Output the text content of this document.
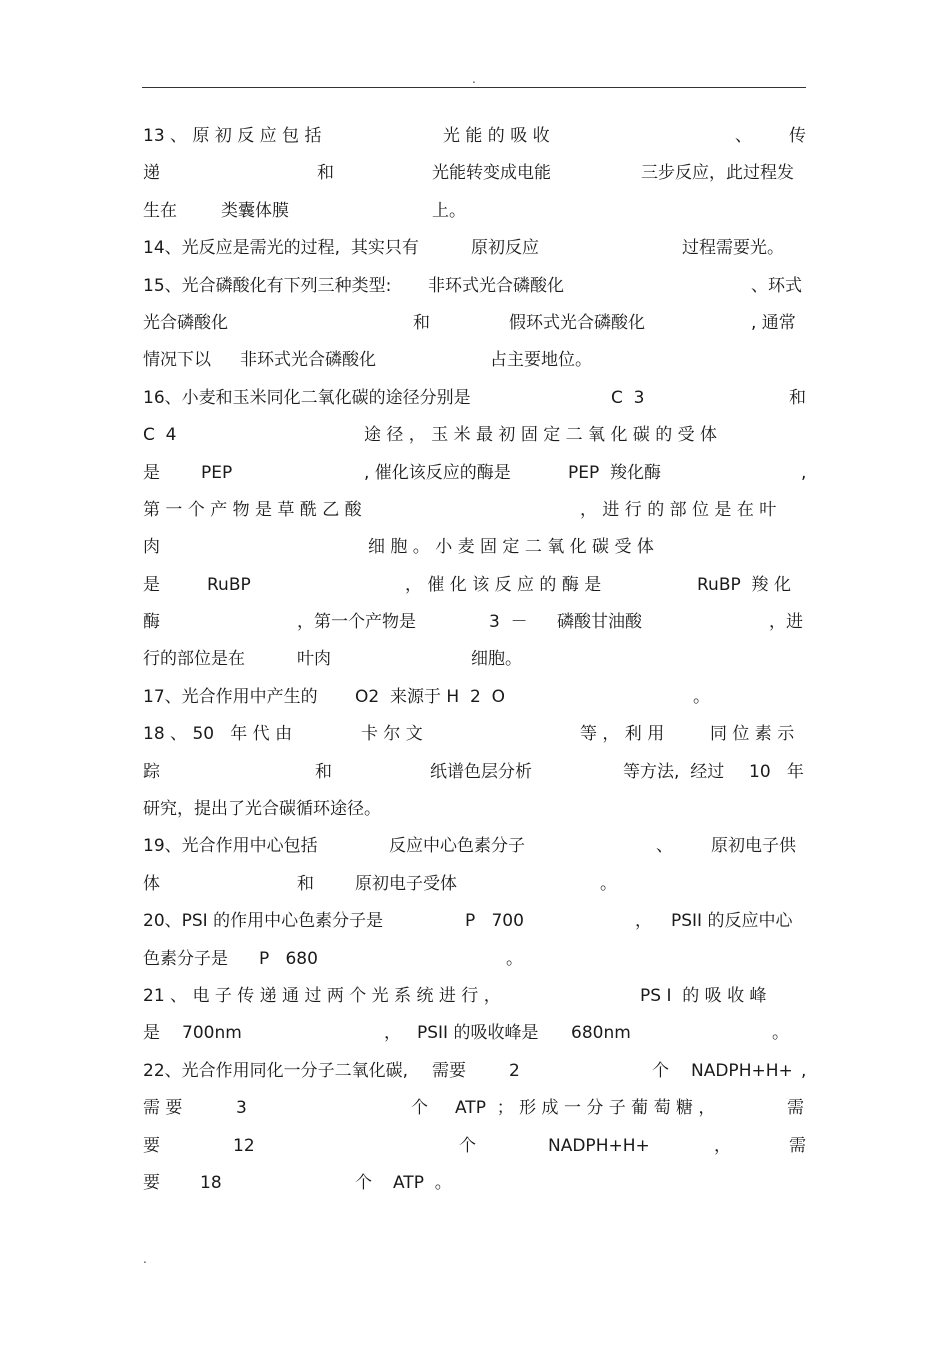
.
13 、 原 初 反 应 包 括	光 能 的 吸 收	、 传
递	和	光能转变成电能	三步反应，此过程发
生在	类囊体膜	上。
14、光反应是需光的过程,  其实只有	原初反应	过程需要光。
15、光合磷酸化有下列三种类型: 非环式光合磷酸化	、环式
光合磷酸化	和	假环式光合磷酸化	, 通常
情况下以 非环式光合磷酸化	占主要地位。
16、小麦和玉米同化二氧化碳的途径分别是	C  3	和
C  4	途 径 ， 玉 米 最 初 固 定 二 氧 化 碳 的 受 体
是 PEP	, 催化该反应的酶是	PEP  羧化酶	,
第 一 个 产 物 是 草 酰 乙 酸	， 进 行 的 部 位 是 在 叶
肉	细 胞 。 小 麦 固 定 二 氧 化 碳 受 体
是	RuBP	， 催 化 该 反 应 的 酶 是	RuBP  羧 化
酶	，第一个产物是	3  － 磷酸甘油酸	，进
行的部位是在	叶肉	细胞。
17、光合作用中产生的 O2  来源于 H  2  O	。
18 、 50   年 代 由	卡 尔 文	等 ， 利 用	同 位 素 示
踪	和	纸谱色层分析	等方法,  经过 10   年
研究，提出了光合碳循环途径。
19、光合作用中心包括	反应中心色素分子	、 原初电子供
体	和 原初电子受体	。
20、PSI 的作用中心色素分子是	P   700	， PSII 的反应中心
色素分子是 P   680	。
21 、 电 子 传 递 通 过 两 个 光 系 统 进 行 ，	PS Ⅰ  的 吸 收 峰
是 700nm	， PSII 的吸收峰是 680nm	。
22、光合作用同化一分子二氧化碳, 需要	2	个 NADPH+H+ ,
需 要	3	个 ATP  ； 形 成 一 分 子 葡 萄 糖 ，	需
要	12	个	NADPH+H+	，	需
要 18	个 ATP  。
.
